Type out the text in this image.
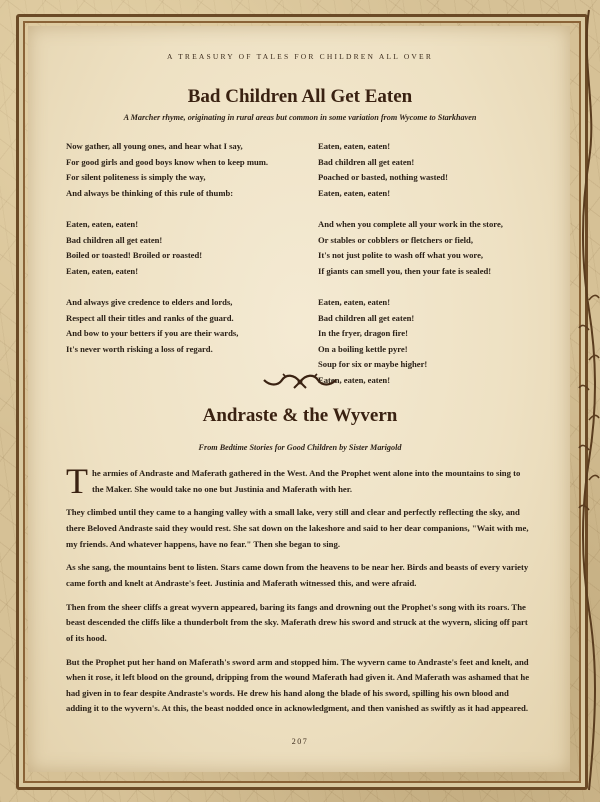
A TREASURY OF TALES FOR CHILDREN ALL OVER
Bad Children All Get Eaten
A Marcher rhyme, originating in rural areas but common in some variation from Wycome to Starkhaven
Now gather, all young ones, and hear what I say,
For good girls and good boys know when to keep mum.
For silent politeness is simply the way,
And always be thinking of this rule of thumb:
Eaten, eaten, eaten!
Bad children all get eaten!
Boiled or toasted! Broiled or roasted!
Eaten, eaten, eaten!
And always give credence to elders and lords,
Respect all their titles and ranks of the guard.
And bow to your betters if you are their wards,
It's never worth risking a loss of regard.
Eaten, eaten, eaten!
Bad children all get eaten!
Poached or basted, nothing wasted!
Eaten, eaten, eaten!
And when you complete all your work in the store,
Or stables or cobblers or fletchers or field,
It's not just polite to wash off what you wore,
If giants can smell you, then your fate is sealed!
Eaten, eaten, eaten!
Bad children all get eaten!
In the fryer, dragon fire!
On a boiling kettle pyre!
Soup for six or maybe higher!
Eaten, eaten, eaten!
Andraste & the Wyvern
From Bedtime Stories for Good Children by Sister Marigold

T he armies of Andraste and Maferath gathered in the West. And the Prophet went alone into the mountains to sing to the Maker. She would take no one but Justinia and Maferath with her.

They climbed until they came to a hanging valley with a small lake, very still and clear and perfectly reflecting the sky, and there Beloved Andraste said they would rest. She sat down on the lakeshore and said to her dear companions, "Wait with me, my friends. And whatever happens, have no fear." Then she began to sing.

As she sang, the mountains bent to listen. Stars came down from the heavens to be near her. Birds and beasts of every variety came forth and knelt at Andraste's feet. Justinia and Maferath witnessed this, and were afraid.

Then from the sheer cliffs a great wyvern appeared, baring its fangs and drowning out the Prophet's song with its roars. The beast descended the cliffs like a thunderbolt from the sky. Maferath drew his sword and struck at the wyvern, slicing off part of its hood.

But the Prophet put her hand on Maferath's sword arm and stopped him. The wyvern came to Andraste's feet and knelt, and when it rose, it left blood on the ground, dripping from the wound Maferath had given it. And Maferath was ashamed that he had given in to fear despite Andraste's words. He drew his hand along the blade of his sword, spilling his own blood and adding it to the wyvern's. At this, the beast nodded once in acknowledgment, and then vanished as swiftly as it had appeared.

207
